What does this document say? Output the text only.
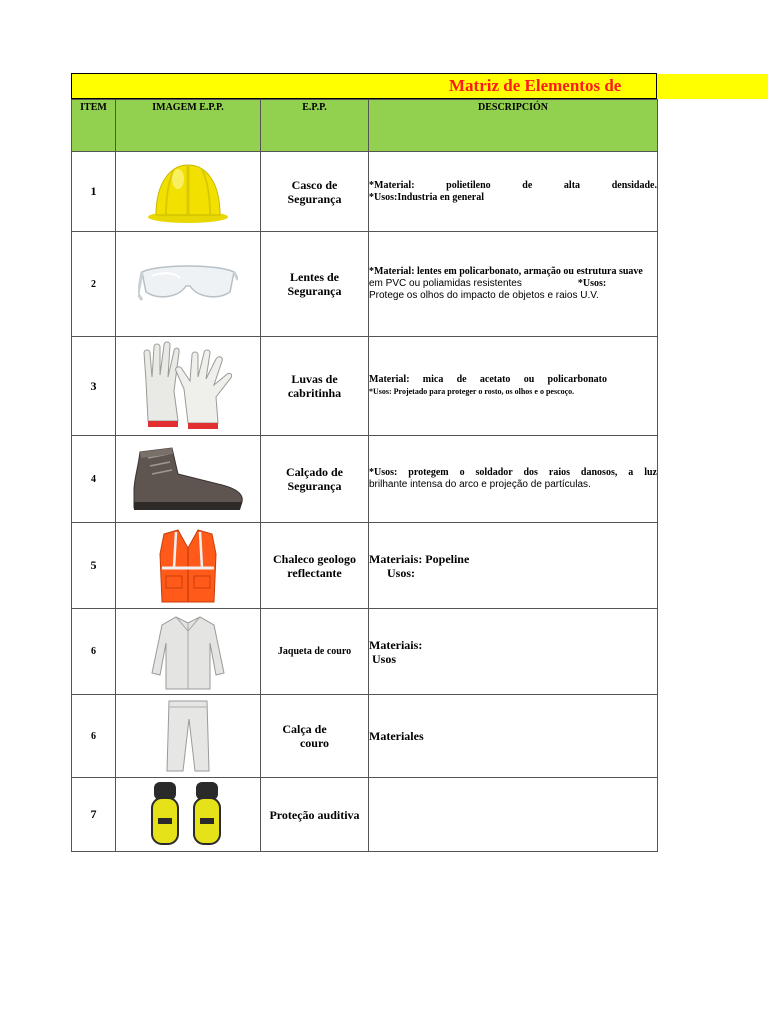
Matriz de Elementos de
ITEM	IMAGEM E.P.P.	E.P.P.	DESCRIPCIÓN
1		Casco de
Segurança	*Material: polietileno de alta densidade.
*Usos:Industria en general

2		Lentes de
Segurança	*Material: lentes em policarbonato, armação ou estrutura suave
em PVC ou poliamidas resistentes *Usos:
Protege os olhos do impacto de objetos e raios U.V.

3		Luvas de
cabritinha	Material: mica de acetato ou policarbonato
*Usos: Projetado para proteger o rosto, os olhos e o pescoço.

4		Calçado de
Segurança	*Usos: protegem o soldador dos raios danosos, a luz
brilhante intensa do arco e projeção de partículas.

5		Chaleco geologo
reflectante	Materiais: Popeline
Usos:

6		Jaqueta de couro	Materiais:
Usos

6		Calça de
couro	Materiales

7		Proteção auditiva	
